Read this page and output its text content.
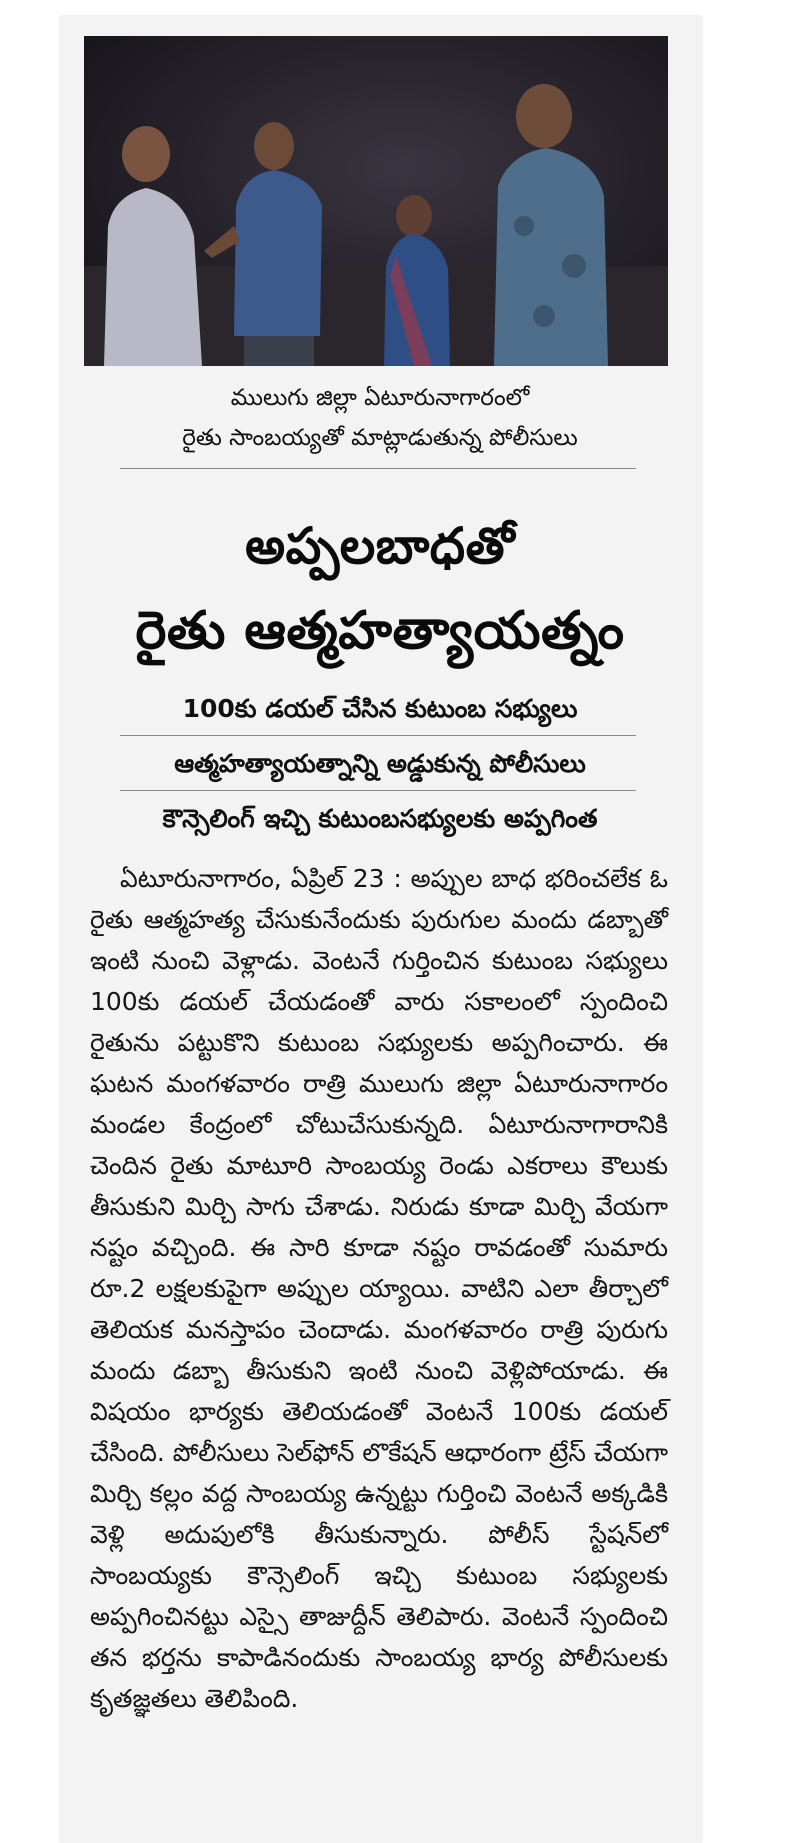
ములుగు జిల్లా ఏటూరునాగారంలో
రైతు సాంబయ్యతో మాట్లాడుతున్న పోలీసులు
అప్పలబాధతో
రైతు ఆత్మహత్యాయత్నం
100కు డయల్ చేసిన కుటుంబ సభ్యులు
ఆత్మహత్యాయత్నాన్ని అడ్డుకున్న పోలీసులు
కౌన్సెలింగ్ ఇచ్చి కుటుంబసభ్యులకు అప్పగింత

ఏటూరునాగారం, ఏప్రిల్ 23 : అప్పుల బాధ భరించలేక ఓ రైతు ఆత్మహత్య చేసుకునేందుకు పురుగుల మందు డబ్బాతో ఇంటి నుంచి వెళ్లాడు. వెంటనే గుర్తించిన కుటుంబ సభ్యులు 100కు డయల్ చేయడంతో వారు సకాలంలో స్పందించి రైతును పట్టుకొని కుటుంబ సభ్యులకు అప్పగించారు. ఈ ఘటన మంగళవారం రాత్రి ములుగు జిల్లా ఏటూరునాగారం మండల కేంద్రంలో చోటుచేసుకున్నది. ఏటూరునాగారానికి చెందిన రైతు మాటూరి సాంబయ్య రెండు ఎకరాలు కౌలుకు తీసుకుని మిర్చి సాగు చేశాడు. నిరుడు కూడా మిర్చి వేయగా నష్టం వచ్చింది. ఈ సారి కూడా నష్టం రావడంతో సుమారు రూ.2 లక్షలకుపైగా అప్పుల య్యాయి. వాటిని ఎలా తీర్చాలో తెలియక మనస్తాపం చెందాడు. మంగళవారం రాత్రి పురుగు మందు డబ్బా తీసుకుని ఇంటి నుంచి వెళ్లిపోయాడు. ఈ విషయం భార్యకు తెలియడంతో వెంటనే 100కు డయల్ చేసింది. పోలీసులు సెల్‌ఫోన్ లొకేషన్ ఆధారంగా ట్రేస్ చేయగా మిర్చి కల్లం వద్ద సాంబయ్య ఉన్నట్టు గుర్తించి వెంటనే అక్కడికి వెళ్లి అదుపులోకి తీసుకున్నారు. పోలీస్ స్టేషన్‌లో సాంబయ్యకు కౌన్సెలింగ్ ఇచ్చి కుటుంబ సభ్యులకు అప్పగించినట్టు ఎస్సై తాజుద్దీన్ తెలిపారు. వెంటనే స్పందించి తన భర్తను కాపాడినందుకు సాంబయ్య భార్య పోలీసులకు కృతజ్ఞతలు తెలిపింది.
